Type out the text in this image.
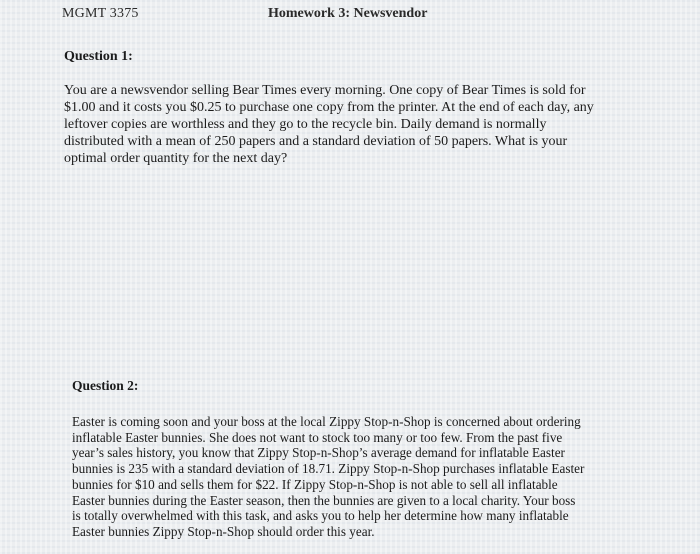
MGMT 3375	Homework 3: Newsvendor
Question 1:

You are a newsvendor selling Bear Times every morning. One copy of Bear Times is sold for
$1.00 and it costs you $0.25 to purchase one copy from the printer. At the end of each day, any
leftover copies are worthless and they go to the recycle bin. Daily demand is normally
distributed with a mean of 250 papers and a standard deviation of 50 papers. What is your
optimal order quantity for the next day?

Question 2:

Easter is coming soon and your boss at the local Zippy Stop-n-Shop is concerned about ordering
inflatable Easter bunnies. She does not want to stock too many or too few. From the past five
year’s sales history, you know that Zippy Stop-n-Shop’s average demand for inflatable Easter
bunnies is 235 with a standard deviation of 18.71. Zippy Stop-n-Shop purchases inflatable Easter
bunnies for $10 and sells them for $22. If Zippy Stop-n-Shop is not able to sell all inflatable
Easter bunnies during the Easter season, then the bunnies are given to a local charity. Your boss
is totally overwhelmed with this task, and asks you to help her determine how many inflatable
Easter bunnies Zippy Stop-n-Shop should order this year.
